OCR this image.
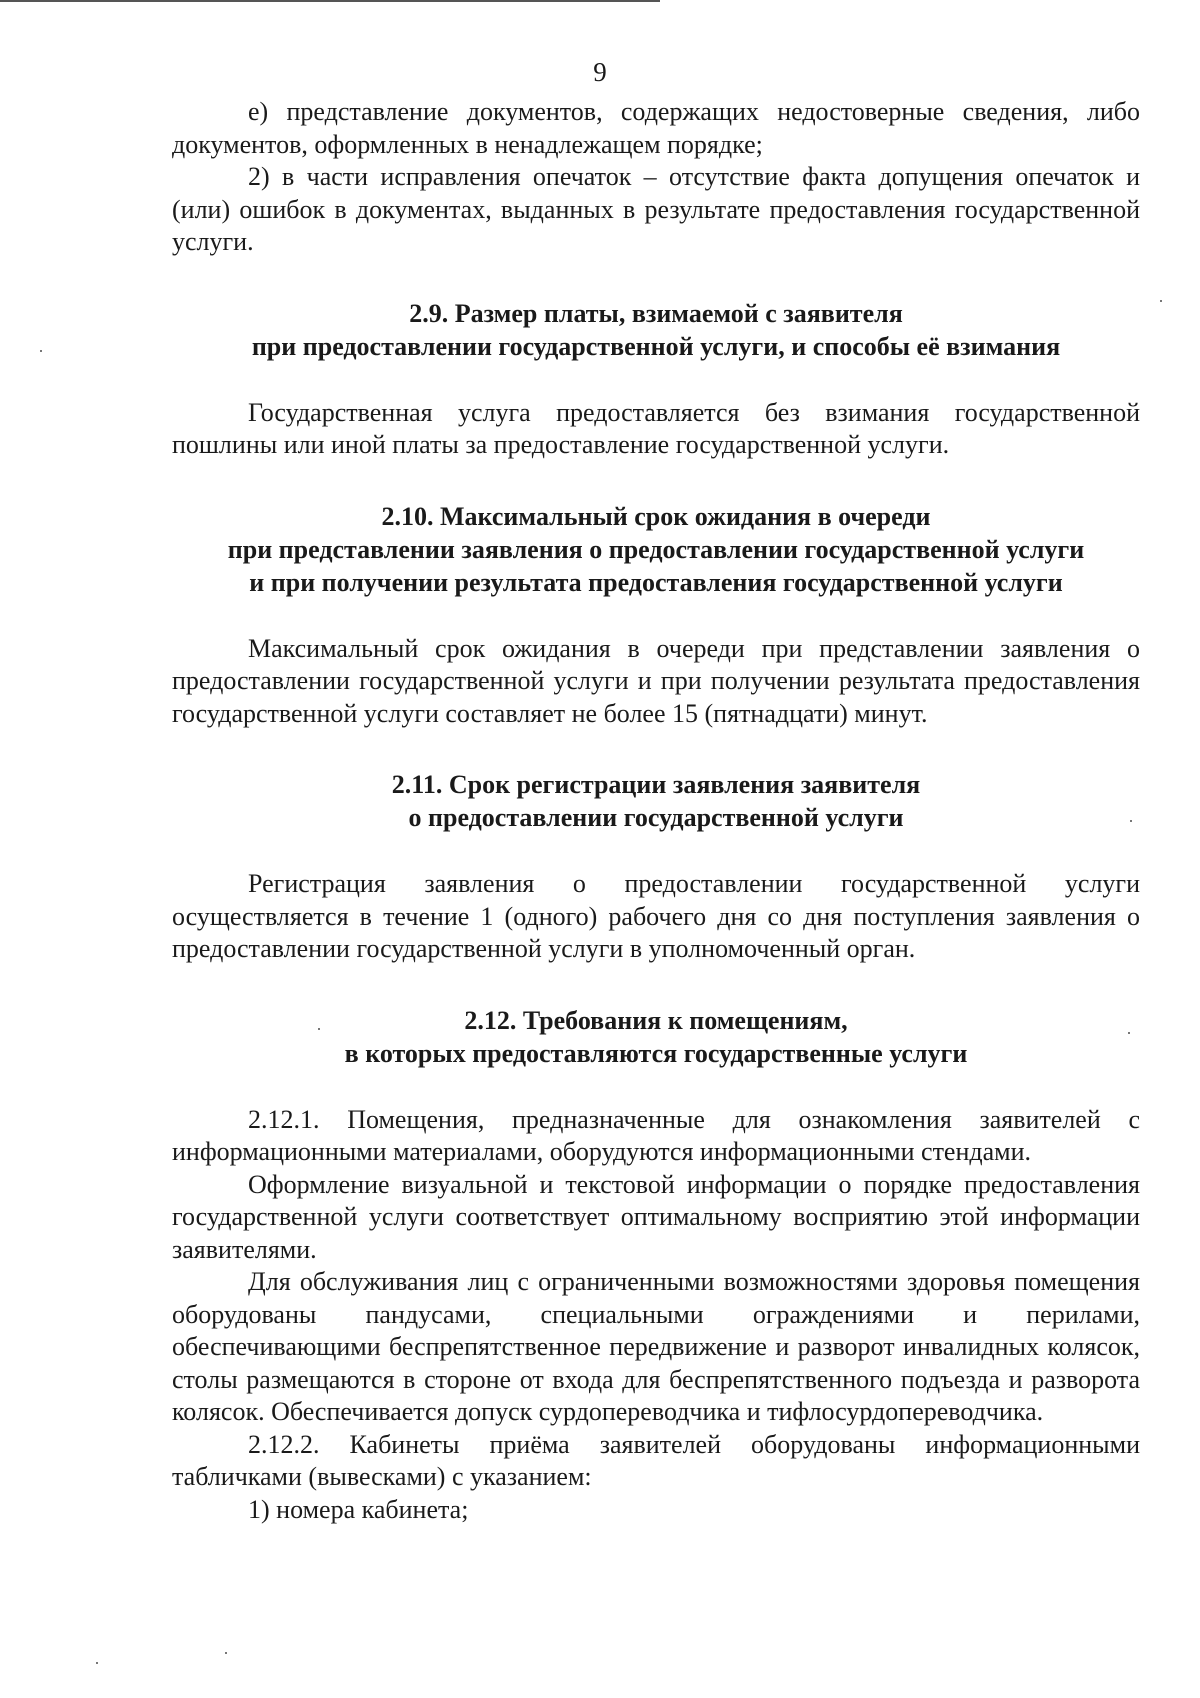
9

е) представление документов, содержащих недостоверные сведения, либо документов, оформленных в ненадлежащем порядке;

2) в части исправления опечаток – отсутствие факта допущения опечаток и (или) ошибок в документах, выданных в результате предоставления государственной услуги.

2.9. Размер платы, взимаемой с заявителя
при предоставлении государственной услуги, и способы её взимания

Государственная услуга предоставляется без взимания государственной пошлины или иной платы за предоставление государственной услуги.

2.10. Максимальный срок ожидания в очереди
при представлении заявления о предоставлении государственной услуги
и при получении результата предоставления государственной услуги

Максимальный срок ожидания в очереди при представлении заявления о предоставлении государственной услуги и при получении результата предоставления государственной услуги составляет не более 15 (пятнадцати) минут.

2.11. Срок регистрации заявления заявителя
о предоставлении государственной услуги

Регистрация заявления о предоставлении государственной услуги осуществляется в течение 1 (одного) рабочего дня со дня поступления заявления о предоставлении государственной услуги в уполномоченный орган.

2.12. Требования к помещениям,
в которых предоставляются государственные услуги

2.12.1. Помещения, предназначенные для ознакомления заявителей с информационными материалами, оборудуются информационными стендами.

Оформление визуальной и текстовой информации о порядке предоставления государственной услуги соответствует оптимальному восприятию этой информации заявителями.

Для обслуживания лиц с ограниченными возможностями здоровья помещения оборудованы пандусами, специальными ограждениями и перилами, обеспечивающими беспрепятственное передвижение и разворот инвалидных колясок, столы размещаются в стороне от входа для беспрепятственного подъезда и разворота колясок. Обеспечивается допуск сурдопереводчика и тифлосурдопереводчика.

2.12.2. Кабинеты приёма заявителей оборудованы информационными табличками (вывесками) с указанием:

1) номера кабинета;
